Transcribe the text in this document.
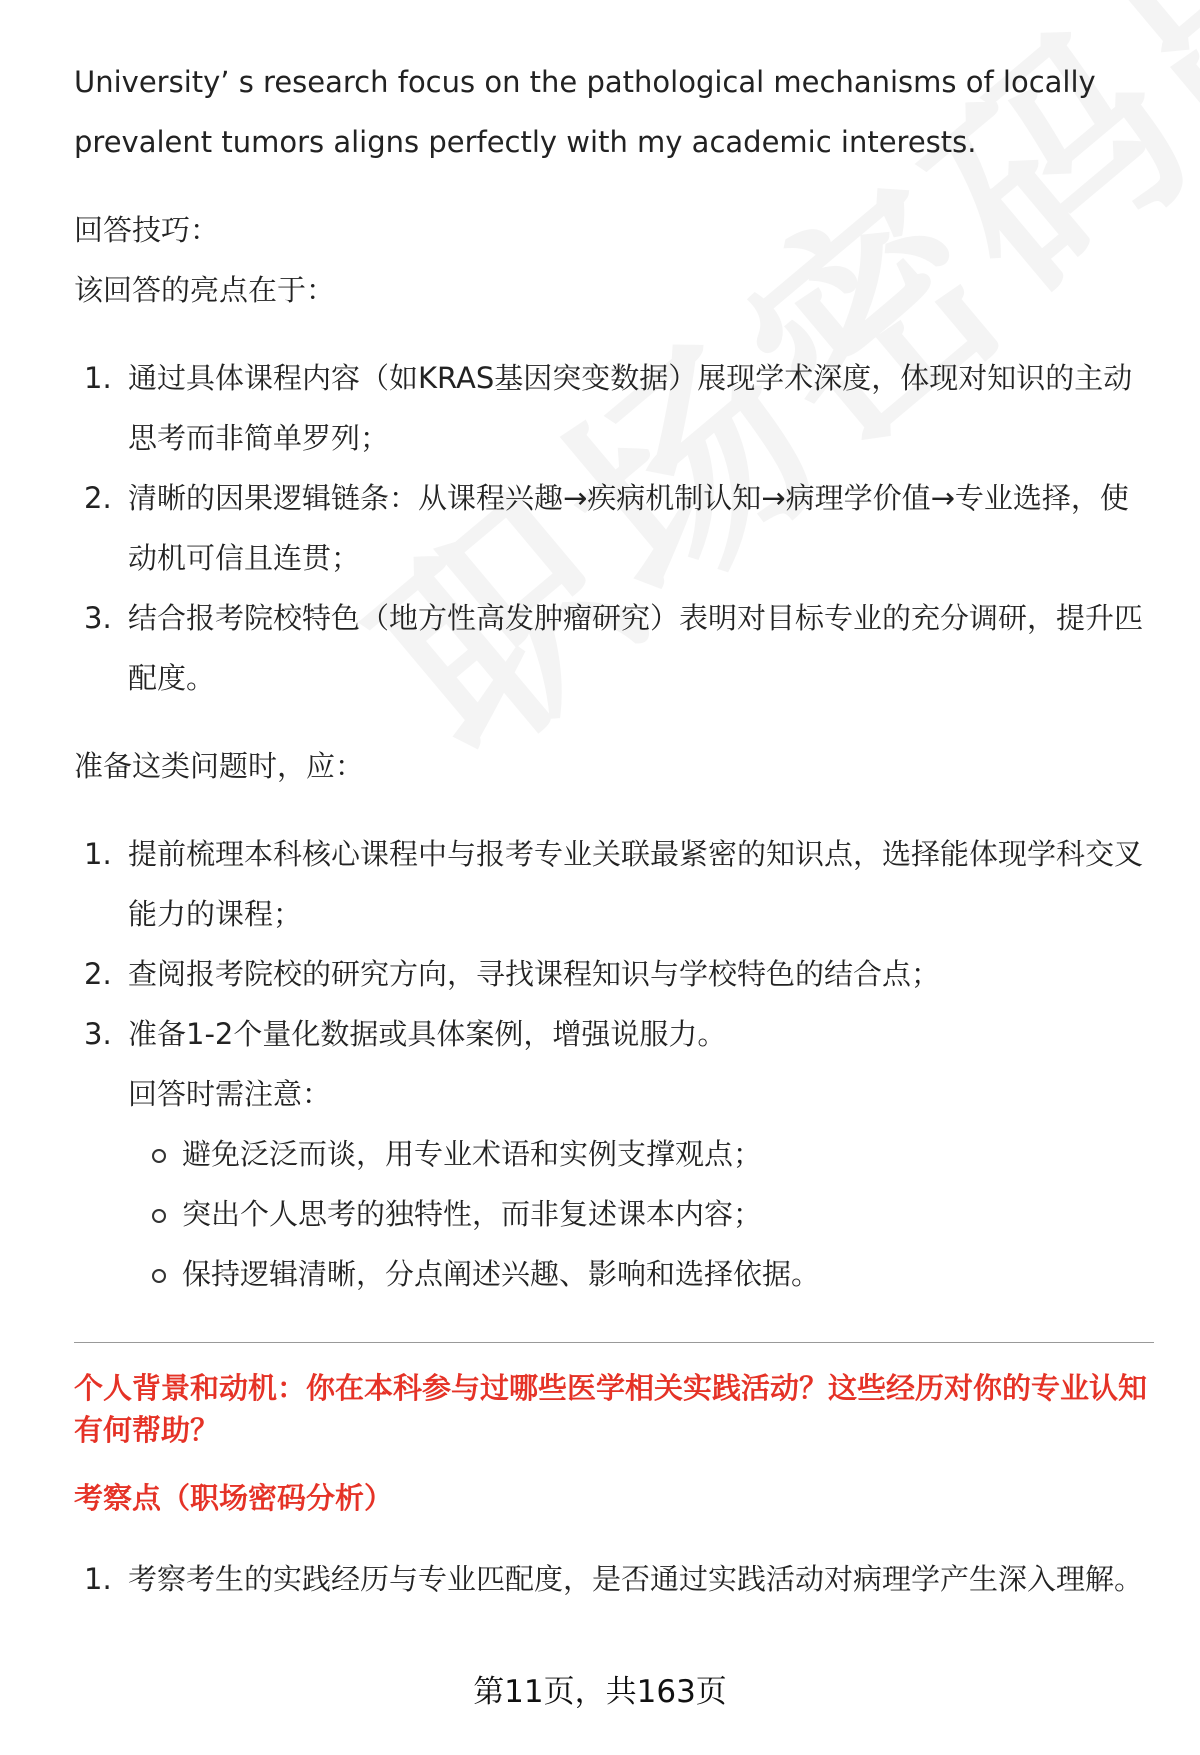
University’ s research focus on the pathological mechanisms of locally prevalent tumors aligns perfectly with my academic interests.

回答技巧：

该回答的亮点在于：

1. 通过具体课程内容（如KRAS基因突变数据）展现学术深度，体现对知识的主动思考而非简单罗列；
2. 清晰的因果逻辑链条：从课程兴趣→疾病机制认知→病理学价值→专业选择，使动机可信且连贯；
3. 结合报考院校特色（地方性高发肿瘤研究）表明对目标专业的充分调研，提升匹配度。

准备这类问题时，应：

1. 提前梳理本科核心课程中与报考专业关联最紧密的知识点，选择能体现学科交叉能力的课程；
2. 查阅报考院校的研究方向，寻找课程知识与学校特色的结合点；
3. 准备1-2个量化数据或具体案例，增强说服力。
回答时需注意：
避免泛泛而谈，用专业术语和实例支撑观点；
突出个人思考的独特性，而非复述课本内容；
保持逻辑清晰，分点阐述兴趣、影响和选择依据。
个人背景和动机：你在本科参与过哪些医学相关实践活动？这些经历对你的专业认知有何帮助？
考察点（职场密码分析）
1. 考察考生的实践经历与专业匹配度，是否通过实践活动对病理学产生深入理解。
第11页，共163页
